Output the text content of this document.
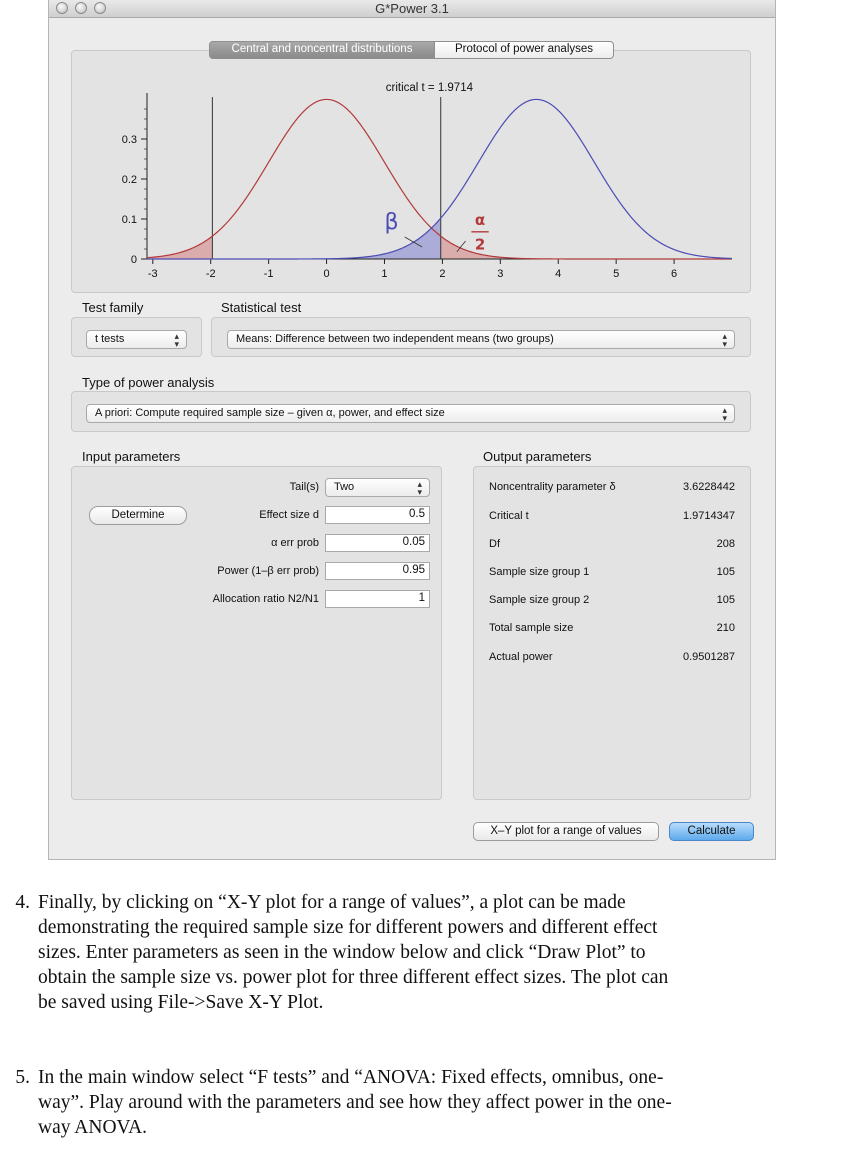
G*Power 3.1
0
0.1
0.2
0.3
-3	-2	-1	0	1	2	3	4	5	6
critical t = 1.9714
β	α
2
Central and noncentral distributions	Protocol of power analyses
Test family
t tests	▴
▾
Statistical test
Means: Difference between two independent means (two groups)	▴
▾
Type of power analysis
A priori: Compute required sample size – given α, power, and effect size	▴
▾
Input parameters
Determine
Tail(s)	Two	▴
▾
Effect size d	0.5
α err prob	0.05
Power (1–β err prob)	0.95
Allocation ratio N2/N1	1
Output parameters
Noncentrality parameter δ	3.6228442
Critical t	1.9714347
Df	208
Sample size group 1	105
Sample size group 2	105
Total sample size	210
Actual power	0.9501287
X–Y plot for a range of values	Calculate
4. Finally, by clicking on “X-Y plot for a range of values”, a plot can be made
demonstrating the required sample size for different powers and different effect
sizes. Enter parameters as seen in the window below and click “Draw Plot” to
obtain the sample size vs. power plot for three different effect sizes. The plot can
be saved using File->Save X-Y Plot.
5. In the main window select “F tests” and “ANOVA: Fixed effects, omnibus, one-
way”. Play around with the parameters and see how they affect power in the one-
way ANOVA.
